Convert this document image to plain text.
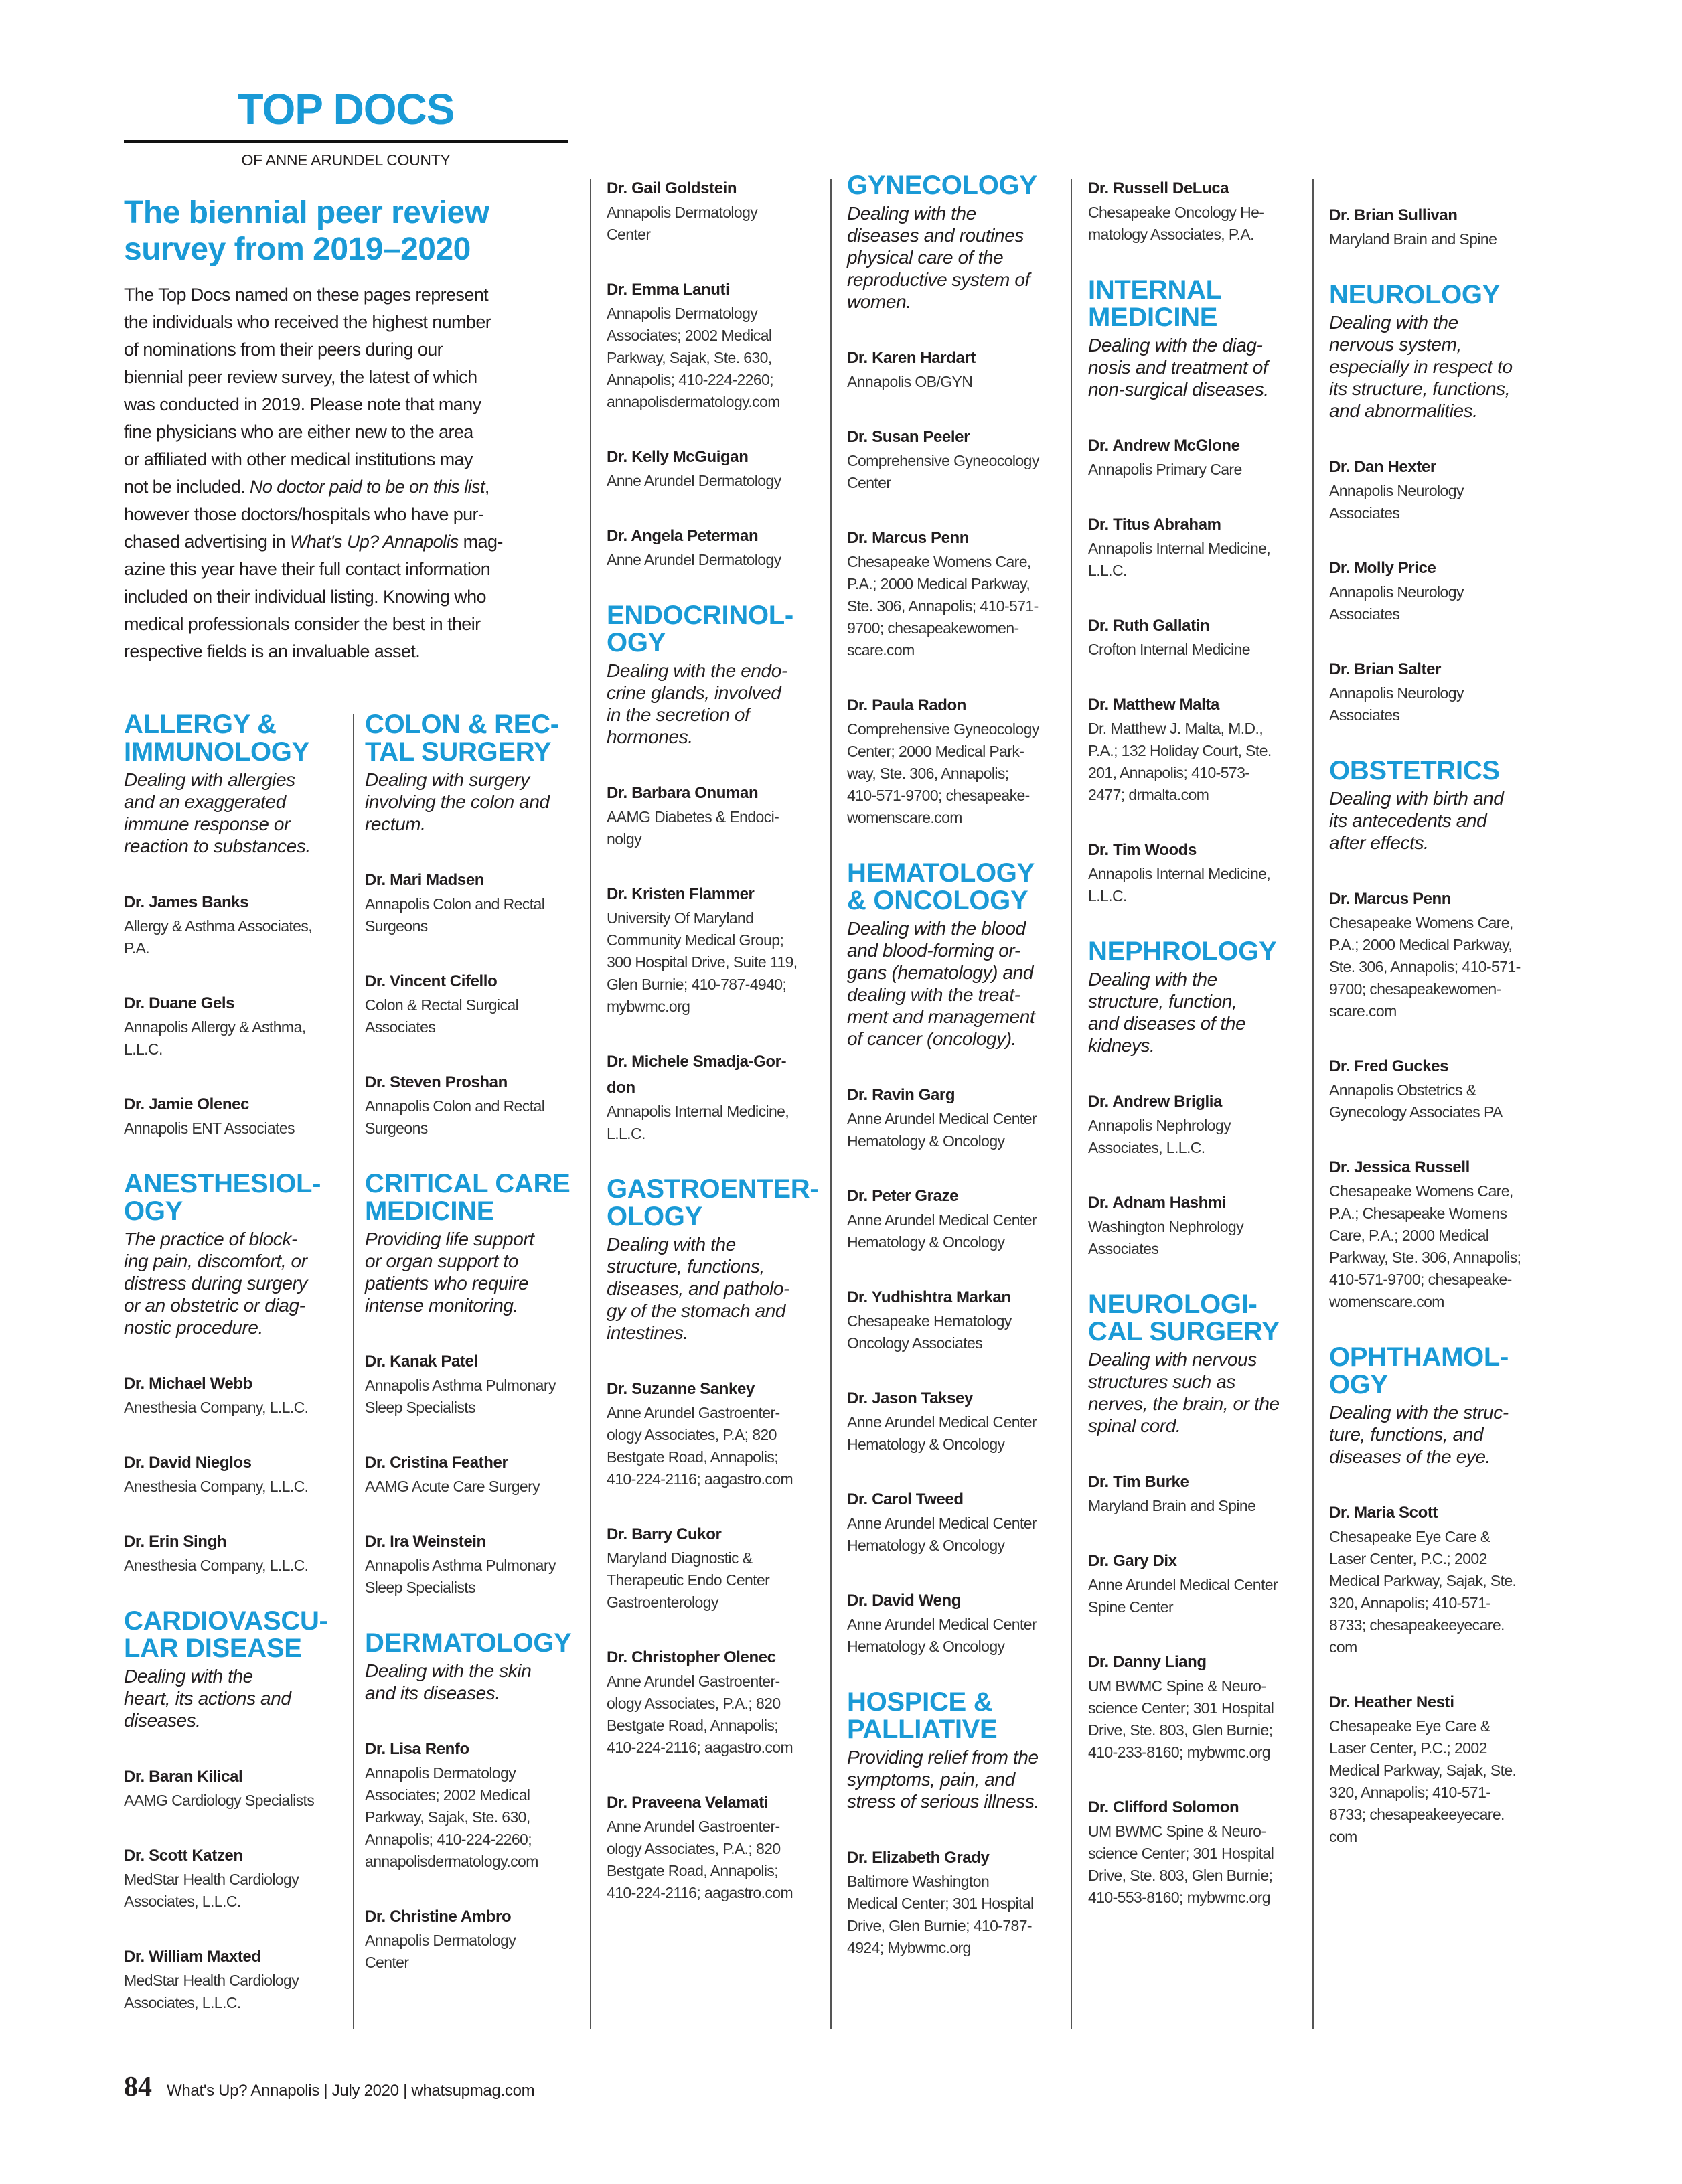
TOP DOCS
OF ANNE ARUNDEL COUNTY
The biennial peer review
survey from 2019–2020

The Top Docs named on these pages represent
the individuals who received the highest number
of nominations from their peers during our
biennial peer review survey, the latest of which
was conducted in 2019. Please note that many
fine physicians who are either new to the area
or affiliated with other medical institutions may
not be included. No doctor paid to be on this list,
however those doctors/hospitals who have pur-
chased advertising in What's Up? Annapolis mag-
azine this year have their full contact information
included on their individual listing. Knowing who
medical professionals consider the best in their
respective fields is an invaluable asset.

ALLERGY &
IMMUNOLOGY
Dealing with allergies
and an exaggerated
immune response or
reaction to substances.
Dr. James Banks
Allergy & Asthma Associates,
P.A.
Dr. Duane Gels
Annapolis Allergy & Asthma,
L.L.C.
Dr. Jamie Olenec
Annapolis ENT Associates
ANESTHESIOL-
OGY
The practice of block-
ing pain, discomfort, or
distress during surgery
or an obstetric or diag-
nostic procedure.
Dr. Michael Webb
Anesthesia Company, L.L.C.
Dr. David Nieglos
Anesthesia Company, L.L.C.
Dr. Erin Singh
Anesthesia Company, L.L.C.
CARDIOVASCU-
LAR DISEASE
Dealing with the
heart, its actions and
diseases.
Dr. Baran Kilical
AAMG Cardiology Specialists
Dr. Scott Katzen
MedStar Health Cardiology
Associates, L.L.C.
Dr. William Maxted
MedStar Health Cardiology
Associates, L.L.C.
COLON & REC-
TAL SURGERY
Dealing with surgery
involving the colon and
rectum.
Dr. Mari Madsen
Annapolis Colon and Rectal
Surgeons
Dr. Vincent Cifello
Colon & Rectal Surgical
Associates
Dr. Steven Proshan
Annapolis Colon and Rectal
Surgeons
CRITICAL CARE
MEDICINE
Providing life support
or organ support to
patients who require
intense monitoring.
Dr. Kanak Patel
Annapolis Asthma Pulmonary
Sleep Specialists
Dr. Cristina Feather
AAMG Acute Care Surgery
Dr. Ira Weinstein
Annapolis Asthma Pulmonary
Sleep Specialists
DERMATOLOGY
Dealing with the skin
and its diseases.
Dr. Lisa Renfo
Annapolis Dermatology
Associates; 2002 Medical
Parkway, Sajak, Ste. 630,
Annapolis; 410-224-2260;
annapolisdermatology.com
Dr. Christine Ambro
Annapolis Dermatology
Center
Dr. Gail Goldstein
Annapolis Dermatology
Center
Dr. Emma Lanuti
Annapolis Dermatology
Associates; 2002 Medical
Parkway, Sajak, Ste. 630,
Annapolis; 410-224-2260;
annapolisdermatology.com
Dr. Kelly McGuigan
Anne Arundel Dermatology
Dr. Angela Peterman
Anne Arundel Dermatology
ENDOCRINOL-
OGY
Dealing with the endo-
crine glands, involved
in the secretion of
hormones.
Dr. Barbara Onuman
AAMG Diabetes & Endoci-
nolgy
Dr. Kristen Flammer
University Of Maryland
Community Medical Group;
300 Hospital Drive, Suite 119,
Glen Burnie; 410-787-4940;
mybwmc.org
Dr. Michele Smadja-Gor-
don
Annapolis Internal Medicine,
L.L.C.
GASTROENTER-
OLOGY
Dealing with the
structure, functions,
diseases, and patholo-
gy of the stomach and
intestines.
Dr. Suzanne Sankey
Anne Arundel Gastroenter-
ology Associates, P.A; 820
Bestgate Road, Annapolis;
410-224-2116; aagastro.com
Dr. Barry Cukor
Maryland Diagnostic &
Therapeutic Endo Center
Gastroenterology
Dr. Christopher Olenec
Anne Arundel Gastroenter-
ology Associates, P.A.; 820
Bestgate Road, Annapolis;
410-224-2116; aagastro.com
Dr. Praveena Velamati
Anne Arundel Gastroenter-
ology Associates, P.A.; 820
Bestgate Road, Annapolis;
410-224-2116; aagastro.com
GYNECOLOGY
Dealing with the
diseases and routines
physical care of the
reproductive system of
women.
Dr. Karen Hardart
Annapolis OB/GYN
Dr. Susan Peeler
Comprehensive Gyneocology
Center
Dr. Marcus Penn
Chesapeake Womens Care,
P.A.; 2000 Medical Parkway,
Ste. 306, Annapolis; 410-571-
9700; chesapeakewomen-
scare.com
Dr. Paula Radon
Comprehensive Gyneocology
Center; 2000 Medical Park-
way, Ste. 306, Annapolis;
410-571-9700; chesapeake-
womenscare.com
HEMATOLOGY
& ONCOLOGY
Dealing with the blood
and blood-forming or-
gans (hematology) and
dealing with the treat-
ment and management
of cancer (oncology).
Dr. Ravin Garg
Anne Arundel Medical Center
Hematology & Oncology
Dr. Peter Graze
Anne Arundel Medical Center
Hematology & Oncology
Dr. Yudhishtra Markan
Chesapeake Hematology
Oncology Associates
Dr. Jason Taksey
Anne Arundel Medical Center
Hematology & Oncology
Dr. Carol Tweed
Anne Arundel Medical Center
Hematology & Oncology
Dr. David Weng
Anne Arundel Medical Center
Hematology & Oncology
HOSPICE &
PALLIATIVE
Providing relief from the
symptoms, pain, and
stress of serious illness.
Dr. Elizabeth Grady
Baltimore Washington
Medical Center; 301 Hospital
Drive, Glen Burnie; 410-787-
4924; Mybwmc.org
Dr. Russell DeLuca
Chesapeake Oncology He-
matology Associates, P.A.
INTERNAL
MEDICINE
Dealing with the diag-
nosis and treatment of
non-surgical diseases.
Dr. Andrew McGlone
Annapolis Primary Care
Dr. Titus Abraham
Annapolis Internal Medicine,
L.L.C.
Dr. Ruth Gallatin
Crofton Internal Medicine
Dr. Matthew Malta
Dr. Matthew J. Malta, M.D.,
P.A.; 132 Holiday Court, Ste.
201, Annapolis; 410-573-
2477; drmalta.com
Dr. Tim Woods
Annapolis Internal Medicine,
L.L.C.
NEPHROLOGY
Dealing with the
structure, function,
and diseases of the
kidneys.
Dr. Andrew Briglia
Annapolis Nephrology
Associates, L.L.C.
Dr. Adnam Hashmi
Washington Nephrology
Associates
NEUROLOGI-
CAL SURGERY
Dealing with nervous
structures such as
nerves, the brain, or the
spinal cord.
Dr. Tim Burke
Maryland Brain and Spine
Dr. Gary Dix
Anne Arundel Medical Center
Spine Center
Dr. Danny Liang
UM BWMC Spine & Neuro-
science Center; 301 Hospital
Drive, Ste. 803, Glen Burnie;
410-233-8160; mybwmc.org
Dr. Clifford Solomon
UM BWMC Spine & Neuro-
science Center; 301 Hospital
Drive, Ste. 803, Glen Burnie;
410-553-8160; mybwmc.org
Dr. Brian Sullivan
Maryland Brain and Spine
NEUROLOGY
Dealing with the
nervous system,
especially in respect to
its structure, functions,
and abnormalities.
Dr. Dan Hexter
Annapolis Neurology
Associates
Dr. Molly Price
Annapolis Neurology
Associates
Dr. Brian Salter
Annapolis Neurology
Associates
OBSTETRICS
Dealing with birth and
its antecedents and
after effects.
Dr. Marcus Penn
Chesapeake Womens Care,
P.A.; 2000 Medical Parkway,
Ste. 306, Annapolis; 410-571-
9700; chesapeakewomen-
scare.com
Dr. Fred Guckes
Annapolis Obstetrics &
Gynecology Associates PA
Dr. Jessica Russell
Chesapeake Womens Care,
P.A.; Chesapeake Womens
Care, P.A.; 2000 Medical
Parkway, Ste. 306, Annapolis;
410-571-9700; chesapeake-
womenscare.com
OPHTHAMOL-
OGY
Dealing with the struc-
ture, functions, and
diseases of the eye.
Dr. Maria Scott
Chesapeake Eye Care &
Laser Center, P.C.; 2002
Medical Parkway, Sajak, Ste.
320, Annapolis; 410-571-
8733; chesapeakeeyecare.
com
Dr. Heather Nesti
Chesapeake Eye Care &
Laser Center, P.C.; 2002
Medical Parkway, Sajak, Ste.
320, Annapolis; 410-571-
8733; chesapeakeeyecare.
com
84 What's Up? Annapolis | July 2020 | whatsupmag.com
